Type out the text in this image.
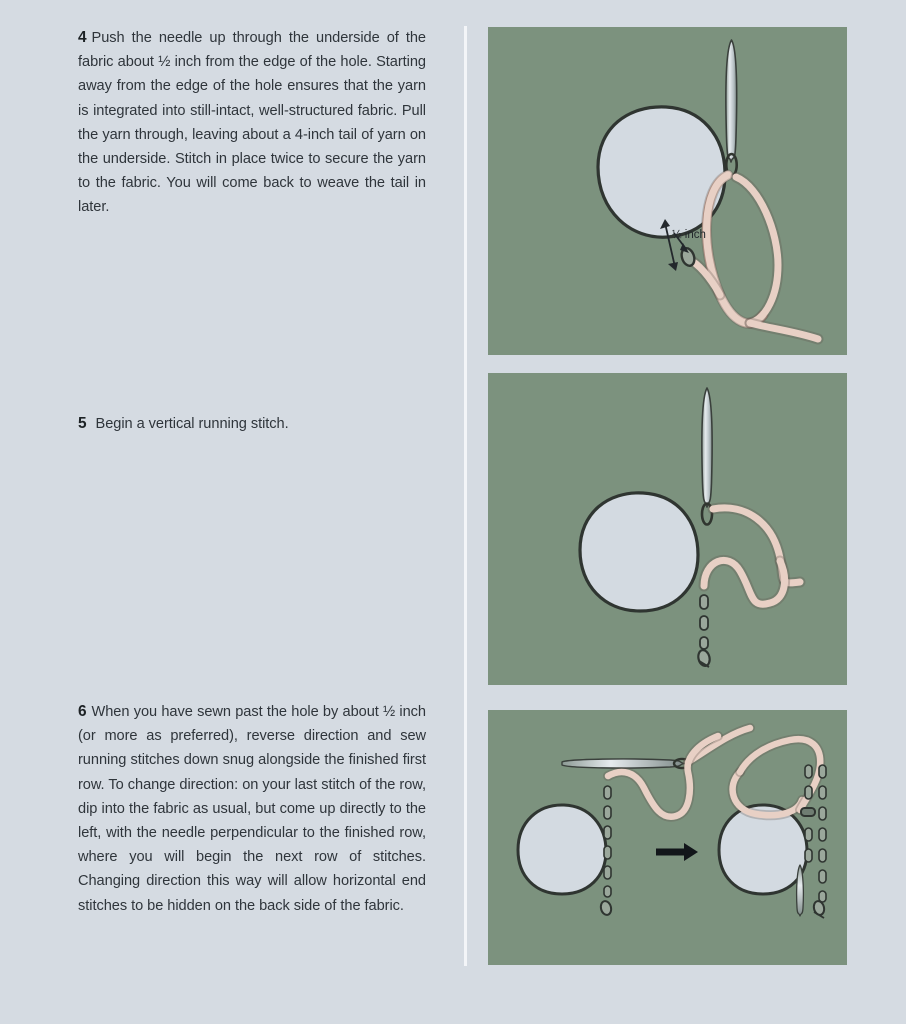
4 Push the needle up through the underside of the fabric about ½ inch from the edge of the hole. Starting away from the edge of the hole ensures that the yarn is integrated into still-intact, well-structured fabric. Pull the yarn through, leaving about a 4-inch tail of yarn on the underside. Stitch in place twice to secure the yarn to the fabric. You will come back to weave the tail in later.

5 Begin a vertical running stitch.

6 When you have sewn past the hole by about ½ inch (or more as preferred), reverse direction and sew running stitches down snug alongside the finished first row. To change direction: on your last stitch of the row, dip into the fabric as usual, but come up directly to the left, with the needle perpendicular to the finished row, where you will begin the next row of stitches. Changing direction this way will allow horizontal end stitches to be hidden on the back side of the fabric.

½ inch
